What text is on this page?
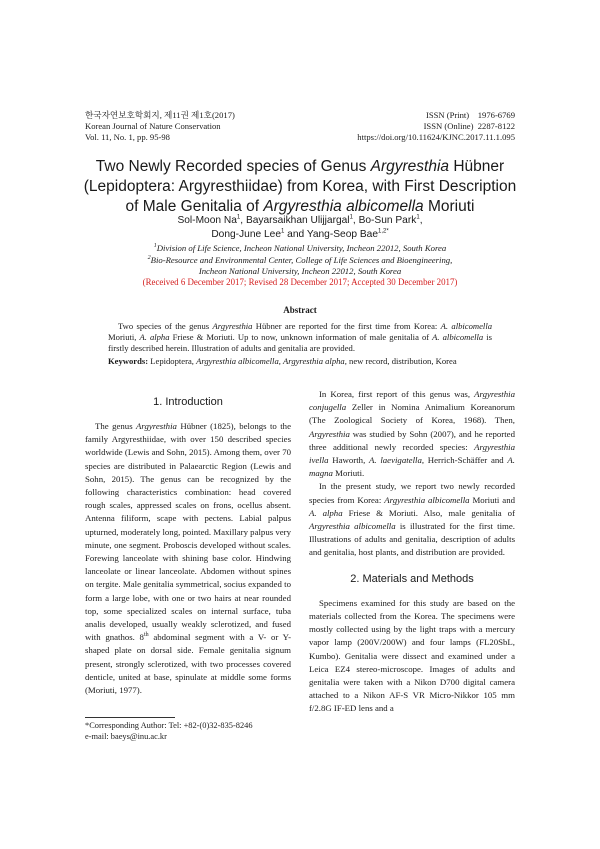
한국자연보호학회지, 제11권 제1호(2017)
Korean Journal of Nature Conservation
Vol. 11, No. 1, pp. 95-98
ISSN (Print)    1976-6769
ISSN (Online)  2287-8122
https://doi.org/10.11624/KJNC.2017.11.1.095
Two Newly Recorded species of Genus Argyresthia Hübner
(Lepidoptera: Argyresthiidae) from Korea, with First Description
of Male Genitalia of Argyresthia albicomella Moriuti
Sol-Moon Na$^1$, Bayarsaikhan Ulijjargal$^1$, Bo-Sun Park$^1$,
Dong-June Lee$^1$ and Yang-Seop Bae$^{1,2*}$
$^1$Division of Life Science, Incheon National University, Incheon 22012, South Korea
$^2$Bio-Resource and Environmental Center, College of Life Sciences and Bioengineering,
Incheon National University, Incheon 22012, South Korea
(Received 6 December 2017; Revised 28 December 2017; Accepted 30 December 2017)
Abstract
Two species of the genus Argyresthia Hübner are reported for the first time from Korea: A. albicomella Moriuti, A. alpha Friese & Moriuti. Up to now, unknown information of male genitalia of A. albicomella is firstly described herein. Illustration of adults and genitalia are provided.
Keywords: Lepidoptera, Argyresthia albicomella, Argyresthia alpha, new record, distribution, Korea
1. Introduction

The genus Argyresthia Hübner (1825), belongs to the family Argyresthiidae, with over 150 described species worldwide (Lewis and Sohn, 2015). Among them, over 70 species are distributed in Palaearctic Region (Lewis and Sohn, 2015). The genus can be recognized by the following characteristics combination: head covered rough scales, appressed scales on frons, ocellus absent. Antenna filiform, scape with pectens. Labial palpus upturned, moderately long, pointed. Maxillary palpus very minute, one segment. Proboscis developed without scales. Forewing lanceolate with shining base color. Hindwing lanceolate or linear lanceolate. Abdomen without spines on tergite. Male genitalia symmetrical, socius expanded to form a large lobe, with one or two hairs at near rounded top, some specialized scales on internal surface, tuba analis developed, usually weakly sclerotized, and fused with gnathos. 8th abdominal segment with a V- or Y-shaped plate on dorsal side. Female genitalia signum present, strongly sclerotized, with two processes covered denticle, united at base, spinulate at middle some forms (Moriuti, 1977).

*Corresponding Author: Tel: +82-(0)32-835-8246
e-mail: baeys@inu.ac.kr

In Korea, first report of this genus was, Argyresthia conjugella Zeller in Nomina Animalium Koreanorum (The Zoological Society of Korea, 1968). Then, Argyresthia was studied by Sohn (2007), and he reported three additional newly recorded species: Argyresthia ivella Haworth, A. laevigatella, Herrich-Schäffer and A. magna Moriuti.

In the present study, we report two newly recorded species from Korea: Argyresthia albicomella Moriuti and A. alpha Friese & Moriuti. Also, male genitalia of Argyresthia albicomella is illustrated for the first time. Illustrations of adults and genitalia, description of adults and genitalia, host plants, and distribution are provided.

2. Materials and Methods

Specimens examined for this study are based on the materials collected from the Korea. The specimens were mostly collected using by the light traps with a mercury vapor lamp (200V/200W) and four lamps (FL20SbL, Kumbo). Genitalia were dissect and examined under a Leica EZ4 stereo-microscope. Images of adults and genitalia were taken with a Nikon D700 digital camera attached to a Nikon AF-S VR Micro-Nikkor 105 mm f/2.8G IF-ED lens and a
